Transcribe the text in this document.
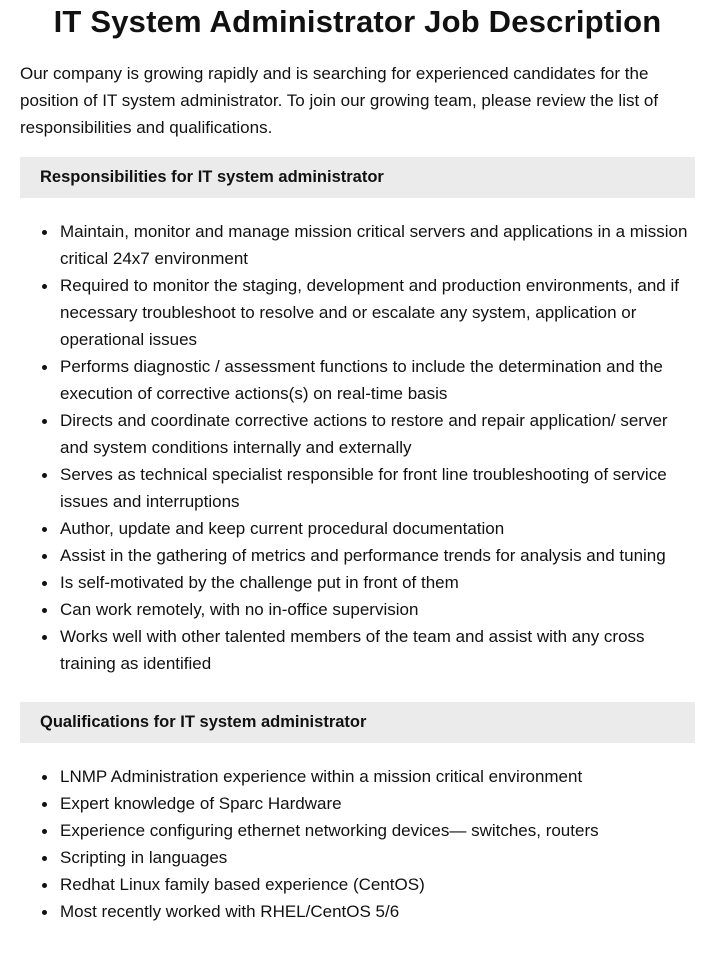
IT System Administrator Job Description

Our company is growing rapidly and is searching for experienced candidates for the position of IT system administrator. To join our growing team, please review the list of responsibilities and qualifications.

Responsibilities for IT system administrator
Maintain, monitor and manage mission critical servers and applications in a mission critical 24x7 environment
Required to monitor the staging, development and production environments, and if necessary troubleshoot to resolve and or escalate any system, application or operational issues
Performs diagnostic / assessment functions to include the determination and the execution of corrective actions(s) on real-time basis
Directs and coordinate corrective actions to restore and repair application/ server and system conditions internally and externally
Serves as technical specialist responsible for front line troubleshooting of service issues and interruptions
Author, update and keep current procedural documentation
Assist in the gathering of metrics and performance trends for analysis and tuning
Is self-motivated by the challenge put in front of them
Can work remotely, with no in-office supervision
Works well with other talented members of the team and assist with any cross training as identified
Qualifications for IT system administrator
LNMP Administration experience within a mission critical environment
Expert knowledge of Sparc Hardware
Experience configuring ethernet networking devices— switches, routers
Scripting in languages
Redhat Linux family based experience (CentOS)
Most recently worked with RHEL/CentOS 5/6
